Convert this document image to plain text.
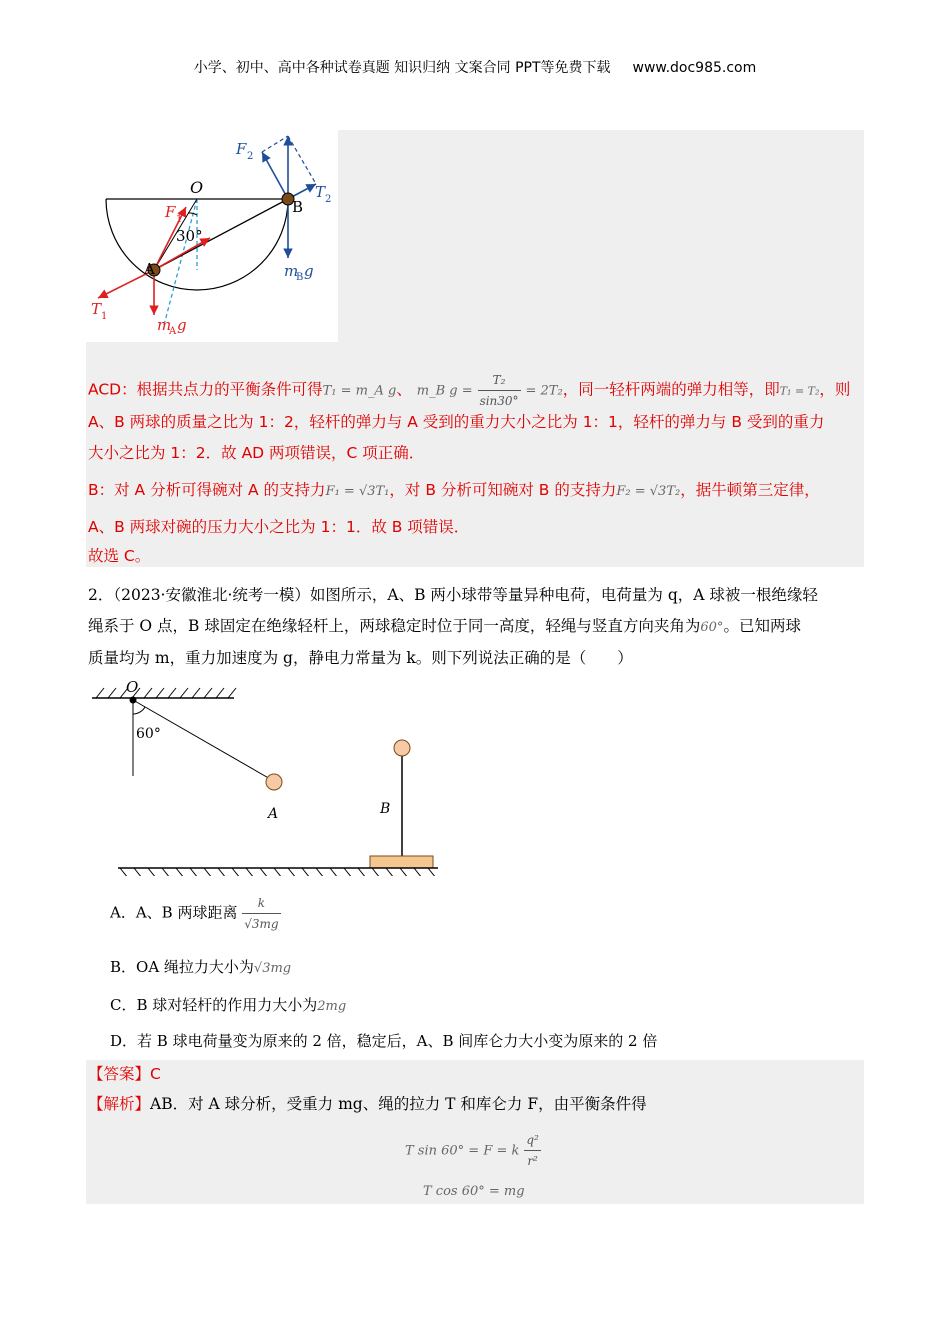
小学、初中、高中各种试卷真题 知识归纳 文案合同 PPT等免费下载 www.doc985.com
O
A
B
30°
F 1
F 2
T 1
T 2
m
A g
m
B g
ACD：根据共点力的平衡条件可得T₁ = m_A g、 m_B $g = \frac{\text{T₂}}{\sin 30^\circ} = 2T_2$，同一轻杆两端的弹力相等，即T₁ = T₂，则
A、B 两球的质量之比为 1：2，轻杆的弹力与 A 受到的重力大小之比为 1：1，轻杆的弹力与 B 受到的重力
大小之比为 1：2．故 AD 两项错误，C 项正确．
B：对 A 分析可得碗对 A 的支持力F₁ = √3T₁，对 B 分析可知碗对 B 的支持力F₂ = √3T₂，据牛顿第三定律，
A、B 两球对碗的压力大小之比为 1：1．故 B 项错误．
故选 C。
2．（2023·安徽淮北·统考一模）如图所示，A、B 两小球带等量异种电荷，电荷量为 q，A 球被一根绝缘轻
绳系于 O 点，B 球固定在绝缘轻杆上，两球稳定时位于同一高度，轻绳与竖直方向夹角为60°。已知两球
质量均为 m，重力加速度为 g，静电力常量为 k。则下列说法正确的是（　　）
O
60°
A	B
A．A、B 两球距离 $\frac{k}{√3mg}$
B．OA 绳拉力大小为√3mg
C．B 球对轻杆的作用力大小为2mg
D．若 B 球电荷量变为原来的 2 倍，稳定后，A、B 间库仑力大小变为原来的 2 倍
【答案】C
【解析】AB．对 A 球分析，受重力 mg、绳的拉力 T 和库仑力 F，由平衡条件得
T sin 60° = F = k $\frac{\text{q²}}{\text{r²}}$
T cos 60° = mg
